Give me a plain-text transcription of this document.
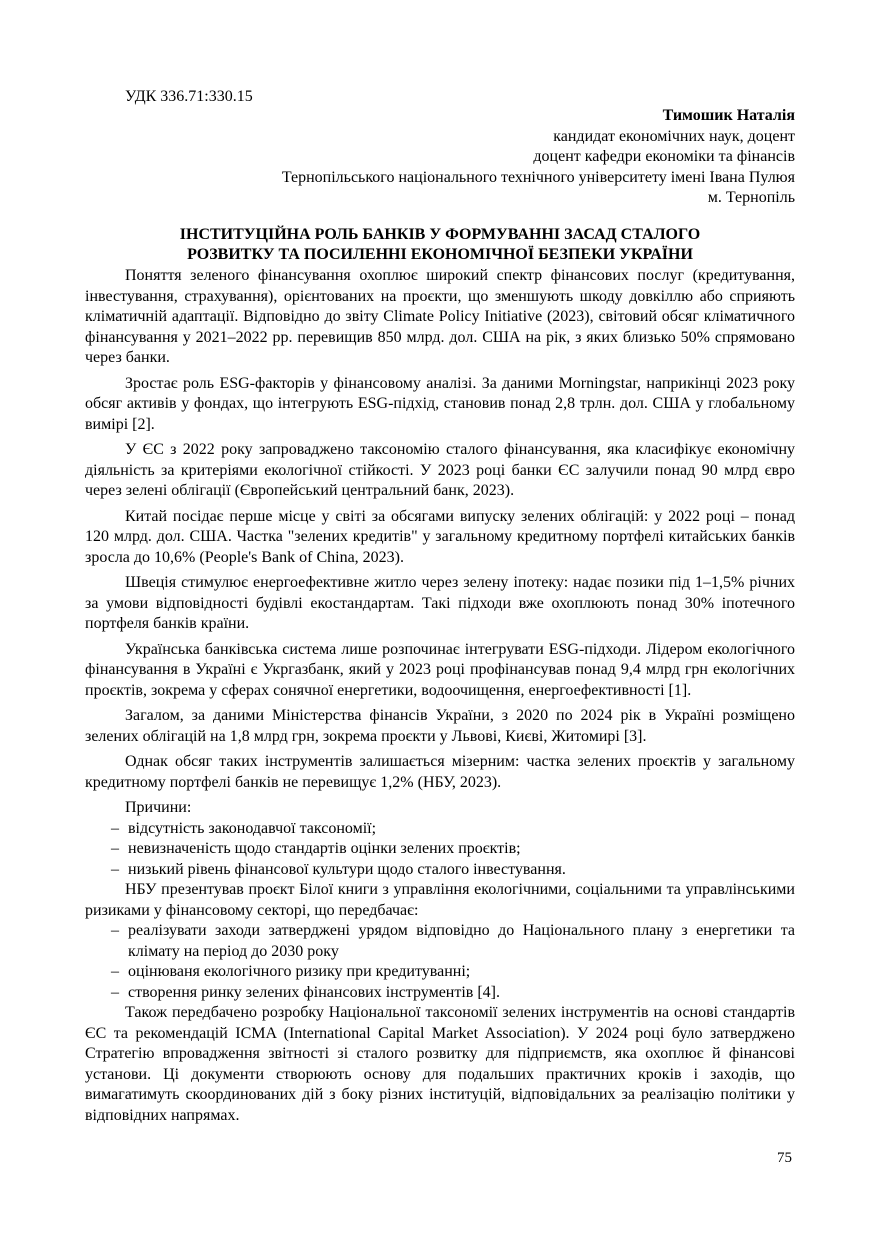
УДК 336.71:330.15
Тимошик Наталія
кандидат економічних наук, доцент
доцент кафедри економіки та фінансів
Тернопільського національного технічного університету імені Івана Пулюя
м. Тернопіль
ІНСТИТУЦІЙНА РОЛЬ БАНКІВ У ФОРМУВАННІ ЗАСАД СТАЛОГО
РОЗВИТКУ ТА ПОСИЛЕННІ ЕКОНОМІЧНОЇ БЕЗПЕКИ УКРАЇНИ

Поняття зеленого фінансування охоплює широкий спектр фінансових послуг (кредитування, інвестування, страхування), орієнтованих на проєкти, що зменшують шкоду довкіллю або сприяють кліматичній адаптації. Відповідно до звіту Climate Policy Initiative (2023), світовий обсяг кліматичного фінансування у 2021–2022 рр. перевищив 850 млрд. дол. США на рік, з яких близько 50% спрямовано через банки.

Зростає роль ESG-факторів у фінансовому аналізі. За даними Morningstar, наприкінці 2023 року обсяг активів у фондах, що інтегрують ESG-підхід, становив понад 2,8 трлн. дол. США у глобальному вимірі [2].

У ЄС з 2022 року запроваджено таксономію сталого фінансування, яка класифікує економічну діяльність за критеріями екологічної стійкості. У 2023 році банки ЄС залучили понад 90 млрд євро через зелені облігації (Європейський центральний банк, 2023).

Китай посідає перше місце у світі за обсягами випуску зелених облігацій: у 2022 році – понад 120 млрд. дол. США. Частка "зелених кредитів" у загальному кредитному портфелі китайських банків зросла до 10,6% (People's Bank of China, 2023).

Швеція стимулює енергоефективне житло через зелену іпотеку: надає позики під 1–1,5% річних за умови відповідності будівлі екостандартам. Такі підходи вже охоплюють понад 30% іпотечного портфеля банків країни.

Українська банківська система лише розпочинає інтегрувати ESG-підходи. Лідером екологічного фінансування в Україні є Укргазбанк, який у 2023 році профінансував понад 9,4 млрд грн екологічних проєктів, зокрема у сферах сонячної енергетики, водоочищення, енергоефективності [1].

Загалом, за даними Міністерства фінансів України, з 2020 по 2024 рік в Україні розміщено зелених облігацій на 1,8 млрд грн, зокрема проєкти у Львові, Києві, Житомирі [3].

Однак обсяг таких інструментів залишається мізерним: частка зелених проєктів у загальному кредитному портфелі банків не перевищує 1,2% (НБУ, 2023).

Причини:

– відсутність законодавчої таксономії;
– невизначеність щодо стандартів оцінки зелених проєктів;
– низький рівень фінансової культури щодо сталого інвестування.

НБУ презентував проєкт Білої книги з управління екологічними, соціальними та управлінськими ризиками у фінансовому секторі, що передбачає:

– реалізувати заходи затверджені урядом відповідно до Національного плану з енергетики та клімату на період до 2030 року
– оцінюваня екологічного ризику при кредитуванні;
– створення ринку зелених фінансових інструментів [4].

Також передбачено розробку Національної таксономії зелених інструментів на основі стандартів ЄС та рекомендацій ICMA (International Capital Market Association). У 2024 році було затверджено Стратегію впровадження звітності зі сталого розвитку для підприємств, яка охоплює й фінансові установи. Ці документи створюють основу для подальших практичних кроків і заходів, що вимагатимуть скоординованих дій з боку різних інституцій, відповідальних за реалізацію політики у відповідних напрямах.

75
